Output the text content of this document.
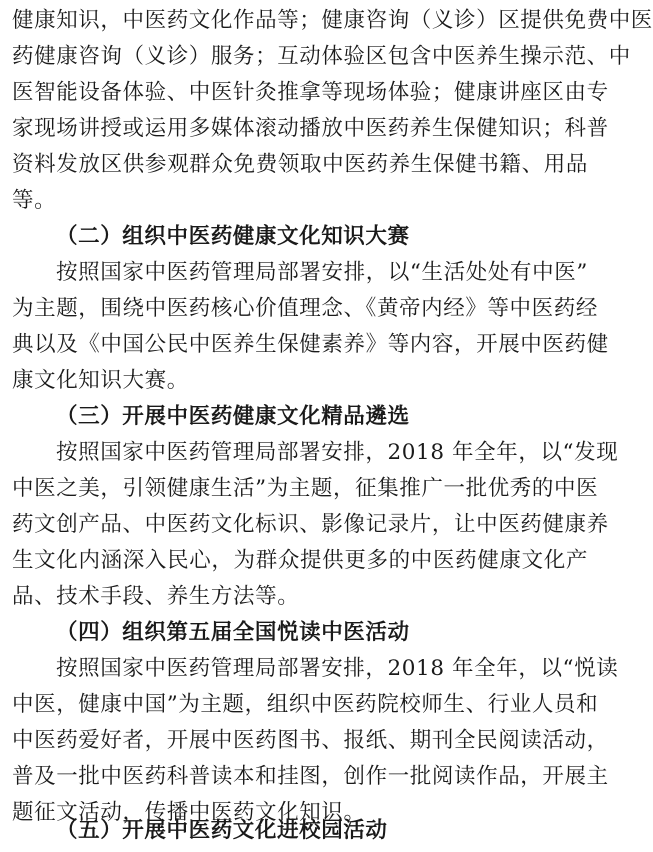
健康知识，中医药文化作品等；健康咨询（义诊）区提供免费中医
药健康咨询（义诊）服务；互动体验区包含中医养生操示范、中
医智能设备体验、中医针灸推拿等现场体验；健康讲座区由专
家现场讲授或运用多媒体滚动播放中医药养生保健知识；科普
资料发放区供参观群众免费领取中医药养生保健书籍、用品
等。
（二）组织中医药健康文化知识大赛
按照国家中医药管理局部署安排，以“生活处处有中医”
为主题，围绕中医药核心价值理念、《黄帝内经》等中医药经
典以及《中国公民中医养生保健素养》等内容，开展中医药健
康文化知识大赛。
（三）开展中医药健康文化精品遴选
按照国家中医药管理局部署安排，2018 年全年，以“发现
中医之美，引领健康生活”为主题，征集推广一批优秀的中医
药文创产品、中医药文化标识、影像记录片，让中医药健康养
生文化内涵深入民心，为群众提供更多的中医药健康文化产
品、技术手段、养生方法等。
（四）组织第五届全国悦读中医活动
按照国家中医药管理局部署安排，2018 年全年，以“悦读
中医，健康中国”为主题，组织中医药院校师生、行业人员和
中医药爱好者，开展中医药图书、报纸、期刊全民阅读活动，
普及一批中医药科普读本和挂图，创作一批阅读作品，开展主
题征文活动，传播中医药文化知识。
（五）开展中医药文化进校园活动
